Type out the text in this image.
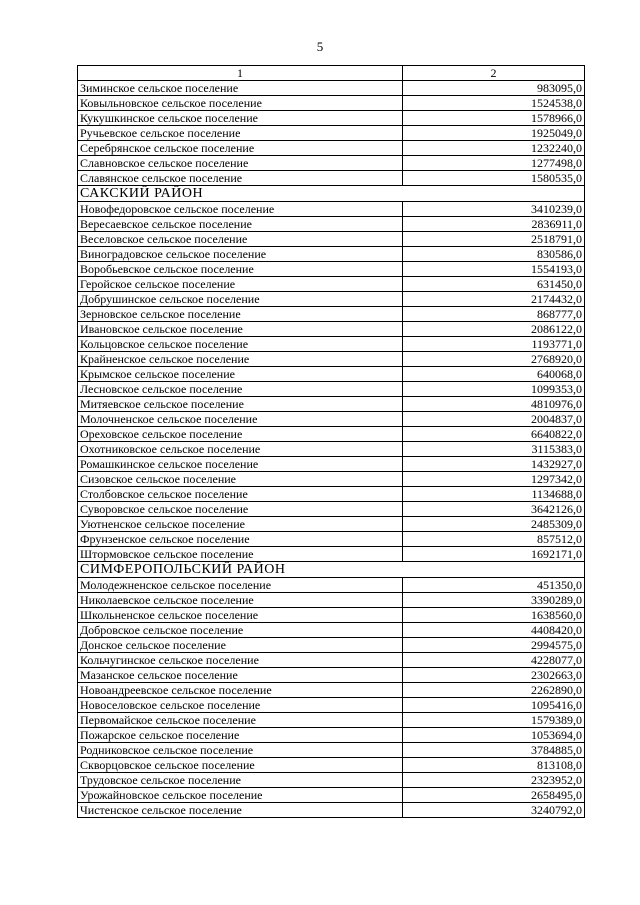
5
1	2
Зиминское сельское поселение	983095,0
Ковыльновское сельское поселение	1524538,0
Кукушкинское сельское поселение	1578966,0
Ручьевское сельское поселение	1925049,0
Серебрянское сельское поселение	1232240,0
Славновское сельское поселение	1277498,0
Славянское сельское поселение	1580535,0
САКСКИЙ РАЙОН	
Новофедоровское сельское поселение	3410239,0
Вересаевское сельское поселение	2836911,0
Веселовское сельское поселение	2518791,0
Виноградовское сельское поселение	830586,0
Воробьевское сельское поселение	1554193,0
Геройское сельское поселение	631450,0
Добрушинское сельское поселение	2174432,0
Зерновское сельское поселение	868777,0
Ивановское сельское поселение	2086122,0
Кольцовское сельское поселение	1193771,0
Крайненское сельское поселение	2768920,0
Крымское сельское поселение	640068,0
Лесновское сельское поселение	1099353,0
Митяевское сельское поселение	4810976,0
Молочненское сельское поселение	2004837,0
Ореховское сельское поселение	6640822,0
Охотниковское сельское поселение	3115383,0
Ромашкинское сельское поселение	1432927,0
Сизовское сельское поселение	1297342,0
Столбовское сельское поселение	1134688,0
Суворовское сельское поселение	3642126,0
Уютненское сельское поселение	2485309,0
Фрунзенское сельское поселение	857512,0
Штормовское сельское поселение	1692171,0
СИМФЕРОПОЛЬСКИЙ РАЙОН	
Молодежненское сельское поселение	451350,0
Николаевское сельское поселение	3390289,0
Школьненское сельское поселение	1638560,0
Добровское сельское поселение	4408420,0
Донское сельское поселение	2994575,0
Кольчугинское сельское поселение	4228077,0
Мазанское сельское поселение	2302663,0
Новоандреевское сельское поселение	2262890,0
Новоселовское сельское поселение	1095416,0
Первомайское сельское поселение	1579389,0
Пожарское сельское поселение	1053694,0
Родниковское сельское поселение	3784885,0
Скворцовское сельское поселение	813108,0
Трудовское сельское поселение	2323952,0
Урожайновское сельское поселение	2658495,0
Чистенское сельское поселение	3240792,0
